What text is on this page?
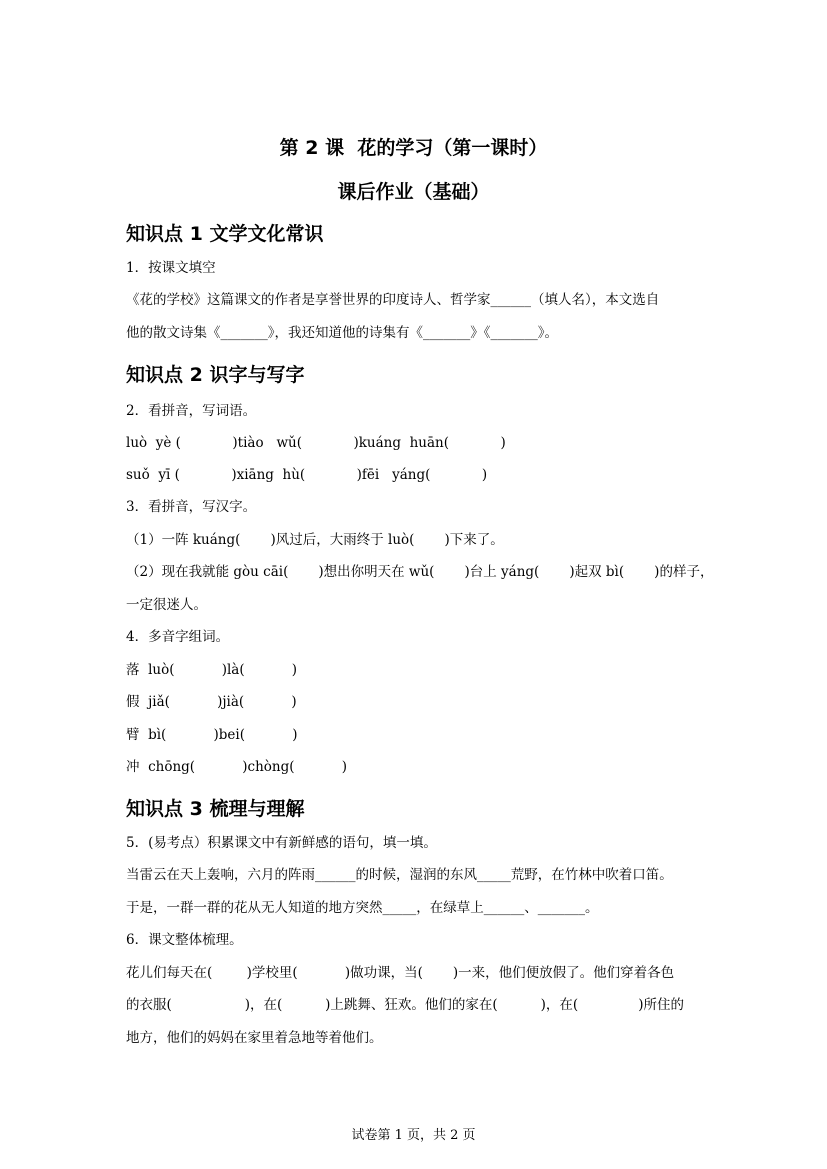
第 2 课  花的学习（第一课时）
课后作业（基础）
知识点 1 文学文化常识
1．按课文填空
《花的学校》这篇课文的作者是享誉世界的印度诗人、哲学家______（填人名），本文选自
他的散文诗集《_______》，我还知道他的诗集有《_______》《_______》。
知识点 2 识字与写字
2．看拼音，写词语。
luò  yè (            )tiào   wǔ(            )kuáng  huān(            )
suǒ  yī (            )xiāng  hù(            )fēi   yáng(            )
3．看拼音，写汉字。
（1）一阵 kuáng(       )风过后，大雨终于 luò(       )下来了。
（2）现在我就能 gòu cāi(       )想出你明天在 wǔ(       )台上 yáng(       )起双 bì(       )的样子，
一定很迷人。
4．多音字组词。
落  luò(           )là(           )
假  jiǎ(           )jià(           )
臂  bì(           )bei(           )
冲  chōng(           )chòng(           )
知识点 3 梳理与理解
5．(易考点）积累课文中有新鲜感的语句，填一填。
当雷云在天上轰响，六月的阵雨______的时候，湿润的东风_____荒野，在竹林中吹着口笛。
于是，一群一群的花从无人知道的地方突然_____，在绿草上______、_______。
6．课文整体梳理。
花儿们每天在(        )学校里(           )做功课，当(       )一来，他们便放假了。他们穿着各色
的衣服(                 )，在(          )上跳舞、狂欢。他们的家在(          )，在(              )所住的
地方，他们的妈妈在家里着急地等着他们。
试卷第 1 页，共 2 页
